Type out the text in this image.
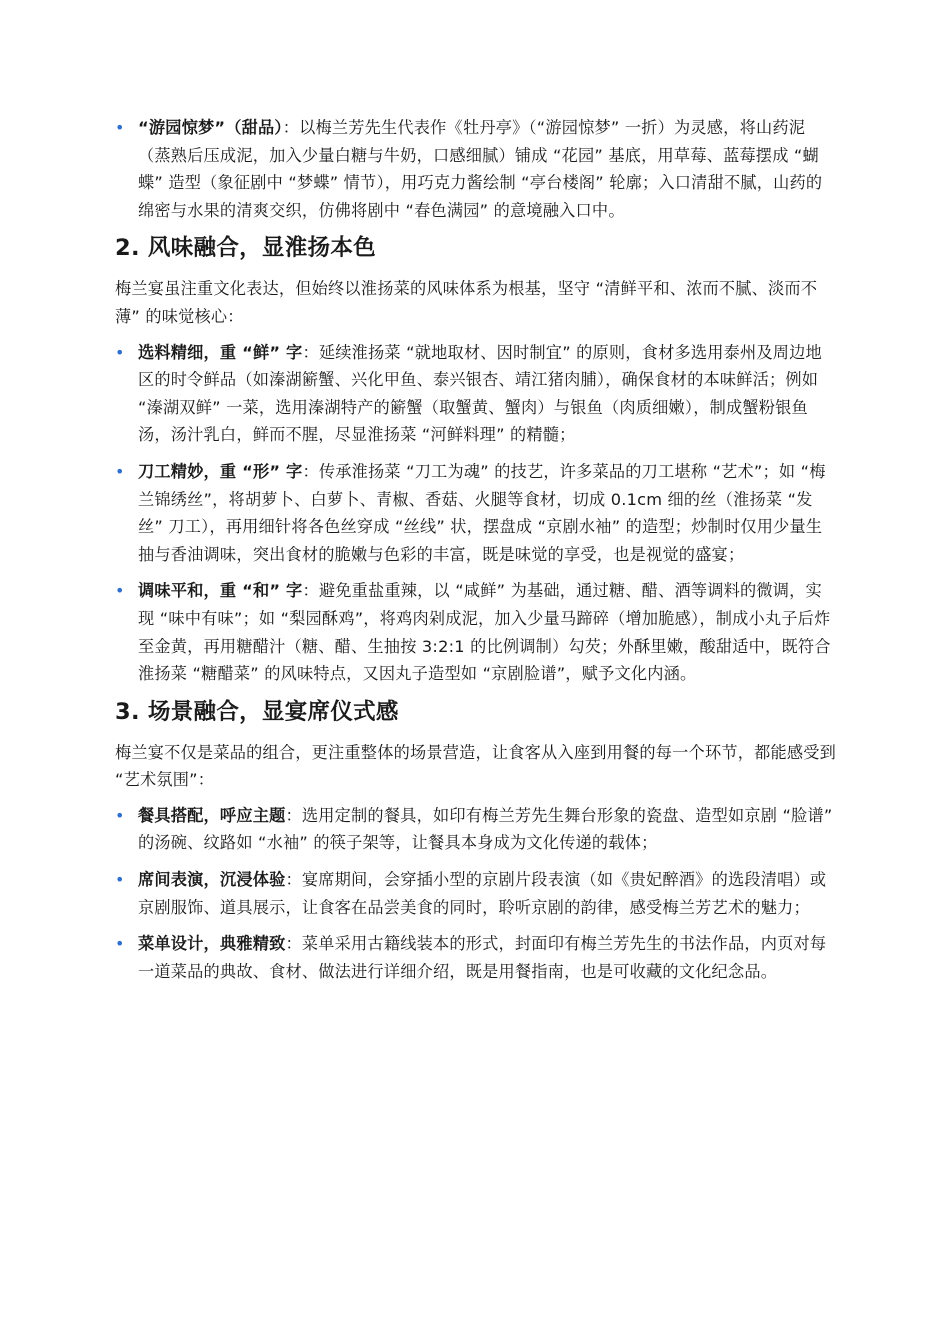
• “游园惊梦”（甜品）：以梅兰芳先生代表作《牡丹亭》（“游园惊梦” 一折）为灵感，将山药泥（蒸熟后压成泥，加入少量白糖与牛奶，口感细腻）铺成 “花园” 基底，用草莓、蓝莓摆成 “蝴蝶” 造型（象征剧中 “梦蝶” 情节），用巧克力酱绘制 “亭台楼阁” 轮廓；入口清甜不腻，山药的绵密与水果的清爽交织，仿佛将剧中 “春色满园” 的意境融入口中。
2. 风味融合，显淮扬本色

梅兰宴虽注重文化表达，但始终以淮扬菜的风味体系为根基，坚守 “清鲜平和、浓而不腻、淡而不薄” 的味觉核心：

• 选料精细，重 “鲜” 字：延续淮扬菜 “就地取材、因时制宜” 的原则，食材多选用泰州及周边地区的时令鲜品（如溱湖簖蟹、兴化甲鱼、泰兴银杏、靖江猪肉脯），确保食材的本味鲜活；例如 “溱湖双鲜” 一菜，选用溱湖特产的簖蟹（取蟹黄、蟹肉）与银鱼（肉质细嫩），制成蟹粉银鱼汤，汤汁乳白，鲜而不腥，尽显淮扬菜 “河鲜料理” 的精髓；
• 刀工精妙，重 “形” 字：传承淮扬菜 “刀工为魂” 的技艺，许多菜品的刀工堪称 “艺术”；如 “梅兰锦绣丝”，将胡萝卜、白萝卜、青椒、香菇、火腿等食材，切成 0.1cm 细的丝（淮扬菜 “发丝” 刀工），再用细针将各色丝穿成 “丝线” 状，摆盘成 “京剧水袖” 的造型；炒制时仅用少量生抽与香油调味，突出食材的脆嫩与色彩的丰富，既是味觉的享受，也是视觉的盛宴；
• 调味平和，重 “和” 字：避免重盐重辣，以 “咸鲜” 为基础，通过糖、醋、酒等调料的微调，实现 “味中有味”；如 “梨园酥鸡”，将鸡肉剁成泥，加入少量马蹄碎（增加脆感），制成小丸子后炸至金黄，再用糖醋汁（糖、醋、生抽按 3:2:1 的比例调制）勾芡；外酥里嫩，酸甜适中，既符合淮扬菜 “糖醋菜” 的风味特点，又因丸子造型如 “京剧脸谱”，赋予文化内涵。
3. 场景融合，显宴席仪式感

梅兰宴不仅是菜品的组合，更注重整体的场景营造，让食客从入座到用餐的每一个环节，都能感受到 “艺术氛围”：

• 餐具搭配，呼应主题：选用定制的餐具，如印有梅兰芳先生舞台形象的瓷盘、造型如京剧 “脸谱” 的汤碗、纹路如 “水袖” 的筷子架等，让餐具本身成为文化传递的载体；
• 席间表演，沉浸体验：宴席期间，会穿插小型的京剧片段表演（如《贵妃醉酒》的选段清唱）或京剧服饰、道具展示，让食客在品尝美食的同时，聆听京剧的韵律，感受梅兰芳艺术的魅力；
• 菜单设计，典雅精致：菜单采用古籍线装本的形式，封面印有梅兰芳先生的书法作品，内页对每一道菜品的典故、食材、做法进行详细介绍，既是用餐指南，也是可收藏的文化纪念品。
